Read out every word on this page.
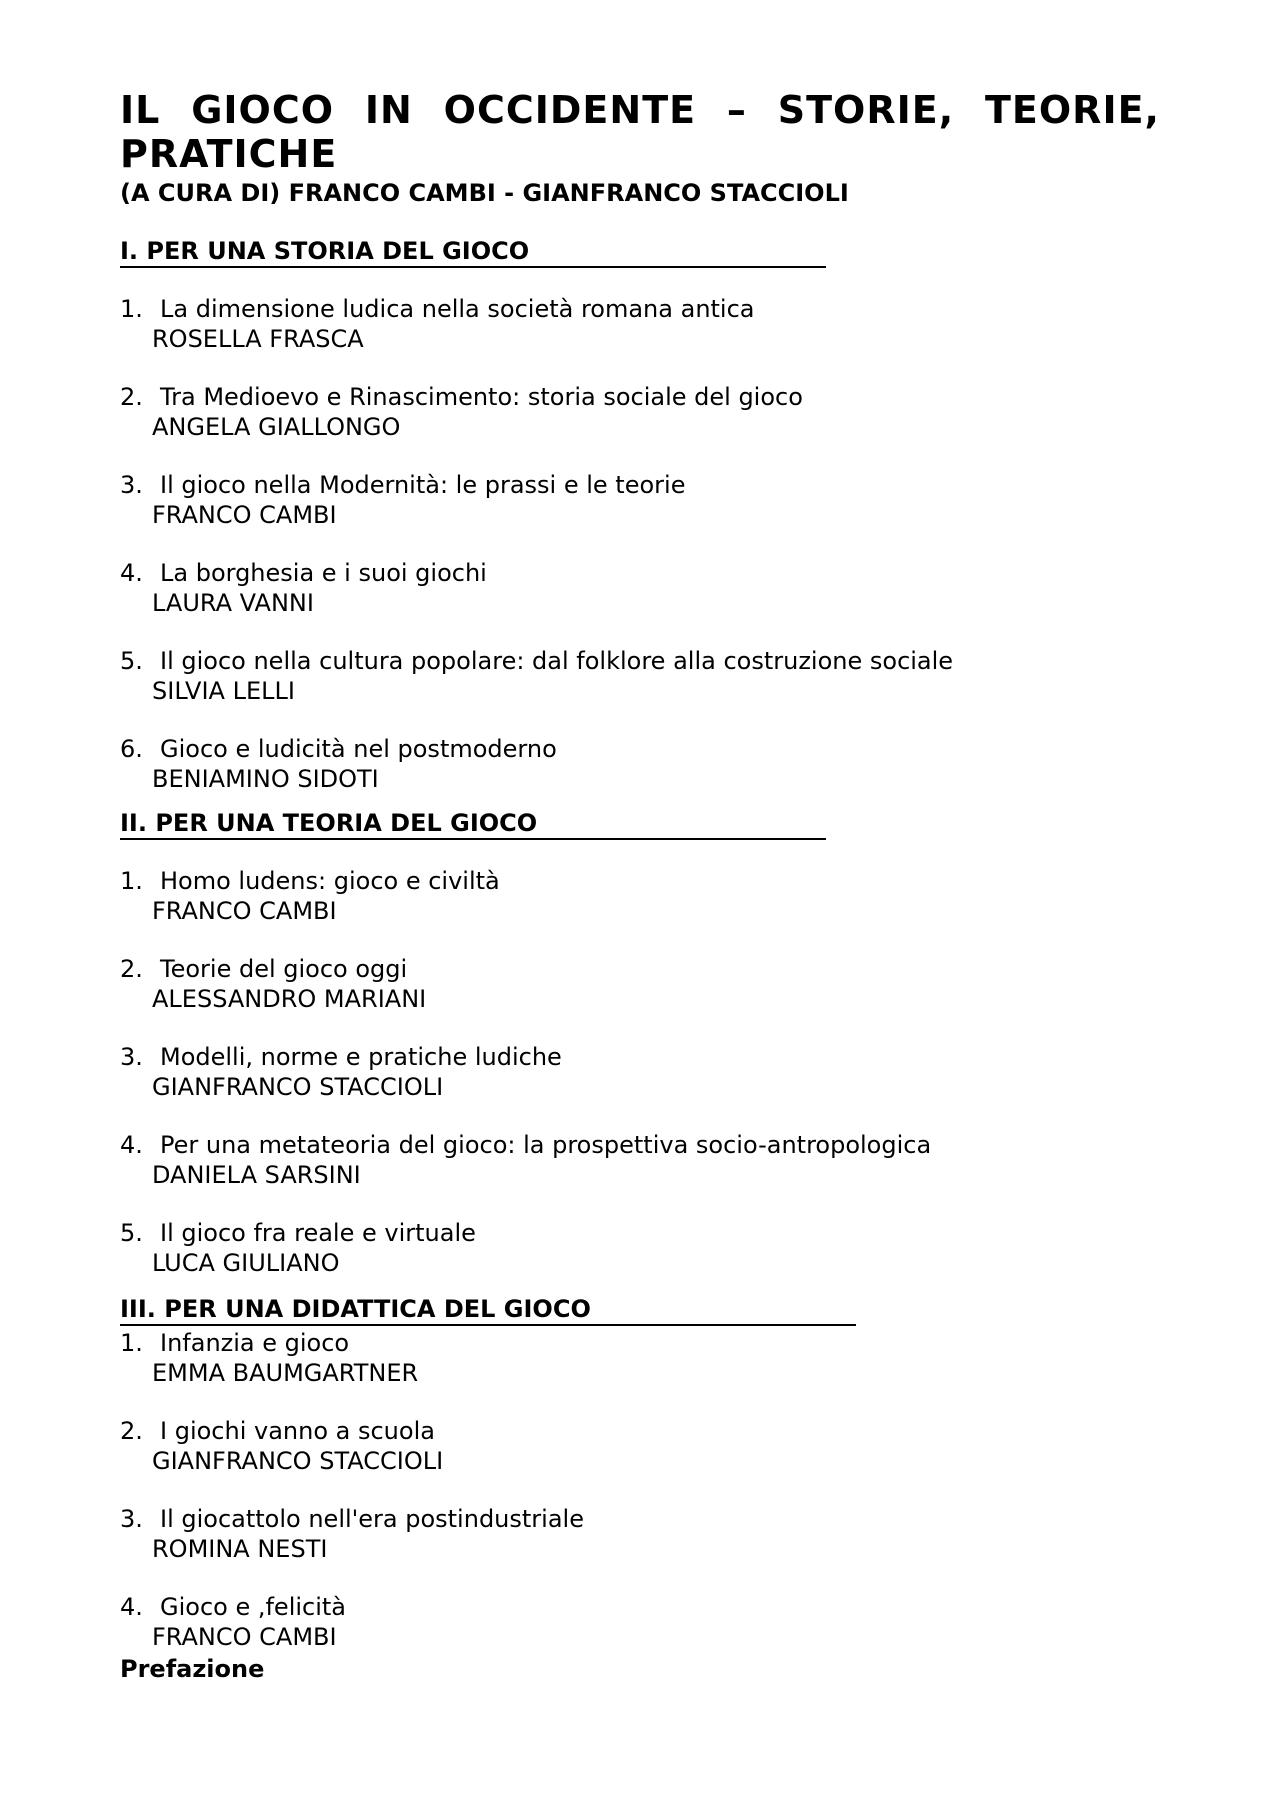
IL GIOCO IN OCCIDENTE – STORIE, TEORIE,
PRATICHE

(A CURA DI) FRANCO CAMBI - GIANFRANCO STACCIOLI

I. PER UNA STORIA DEL GIOCO
1. La dimensione ludica nella società romana antica
ROSELLA FRASCA
2. Tra Medioevo e Rinascimento: storia sociale del gioco
ANGELA GIALLONGO
3. Il gioco nella Modernità: le prassi e le teorie
FRANCO CAMBI
4. La borghesia e i suoi giochi
LAURA VANNI
5. Il gioco nella cultura popolare: dal folklore alla costruzione sociale
SILVIA LELLI
6. Gioco e ludicità nel postmoderno
BENIAMINO SIDOTI
II. PER UNA TEORIA DEL GIOCO
1. Homo ludens: gioco e civiltà
FRANCO CAMBI
2. Teorie del gioco oggi
ALESSANDRO MARIANI
3. Modelli, norme e pratiche ludiche
GIANFRANCO STACCIOLI
4. Per una metateoria del gioco: la prospettiva socio-antropologica
DANIELA SARSINI
5. Il gioco fra reale e virtuale
LUCA GIULIANO
III. PER UNA DIDATTICA DEL GIOCO
1. Infanzia e gioco
EMMA BAUMGARTNER
2. I giochi vanno a scuola
GIANFRANCO STACCIOLI
3. Il giocattolo nell'era postindustriale
ROMINA NESTI
4. Gioco e ,felicità
FRANCO CAMBI

Prefazione
